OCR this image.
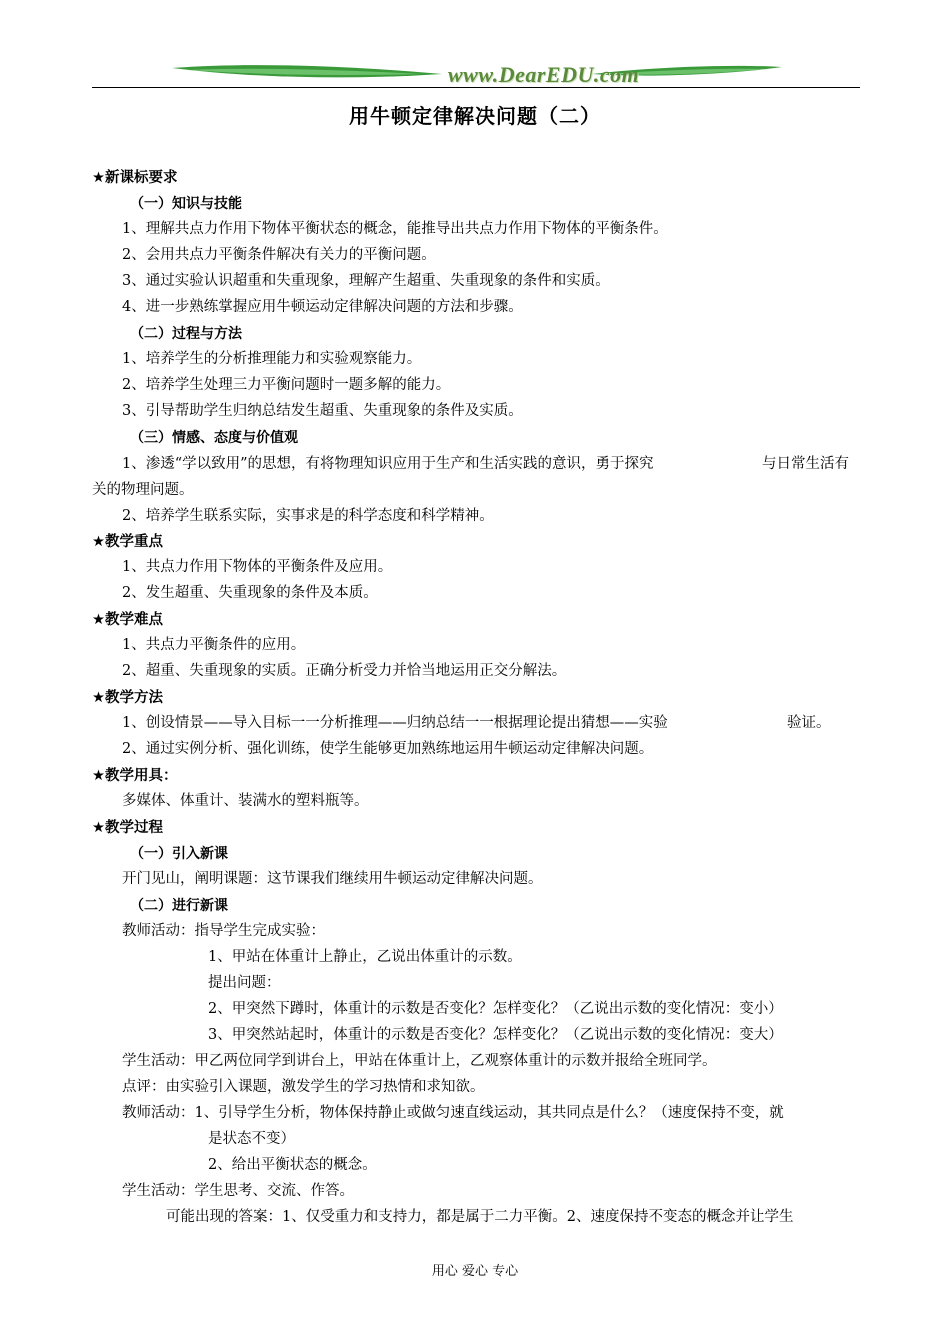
www.DearEDU.com
用牛顿定律解决问题（二）
★新课标要求
（一）知识与技能
1、理解共点力作用下物体平衡状态的概念，能推导出共点力作用下物体的平衡条件。
2、会用共点力平衡条件解决有关力的平衡问题。
3、通过实验认识超重和失重现象，理解产生超重、失重现象的条件和实质。
4、进一步熟练掌握应用牛顿运动定律解决问题的方法和步骤。
（二）过程与方法
1、培养学生的分析推理能力和实验观察能力。
2、培养学生处理三力平衡问题时一题多解的能力。
3、引导帮助学生归纳总结发生超重、失重现象的条件及实质。
（三）情感、态度与价值观
1、渗透“学以致用”的思想，有将物理知识应用于生产和生活实践的意识，勇于探究	与日常生活有
关的物理问题。
2、培养学生联系实际，实事求是的科学态度和科学精神。
★教学重点
1、共点力作用下物体的平衡条件及应用。
2、发生超重、失重现象的条件及本质。
★教学难点
1、共点力平衡条件的应用。
2、超重、失重现象的实质。正确分析受力并恰当地运用正交分解法。
★教学方法
1、创设情景——导入目标一一分析推理——归纳总结一一根据理论提出猜想——实验	验证。
2、通过实例分析、强化训练，使学生能够更加熟练地运用牛顿运动定律解决问题。
★教学用具：
多媒体、体重计、装满水的塑料瓶等。
★教学过程
（一）引入新课
开门见山，阐明课题：这节课我们继续用牛顿运动定律解决问题。
（二）进行新课
教师活动：指导学生完成实验：
1、甲站在体重计上静止，乙说出体重计的示数。
提出问题：
2、甲突然下蹲时，体重计的示数是否变化？怎样变化？（乙说出示数的变化情况：变小）
3、甲突然站起时，体重计的示数是否变化？怎样变化？（乙说出示数的变化情况：变大）
学生活动：甲乙两位同学到讲台上，甲站在体重计上，乙观察体重计的示数并报给全班同学。
点评：由实验引入课题，激发学生的学习热情和求知欲。
教师活动：1、引导学生分析，物体保持静止或做匀速直线运动，其共同点是什么？（速度保持不变，就
是状态不变）
2、给出平衡状态的概念。
学生活动：学生思考、交流、作答。
可能出现的答案：1、仅受重力和支持力，都是属于二力平衡。2、速度保持不变态的概念并让学生
用心 爱心 专心
